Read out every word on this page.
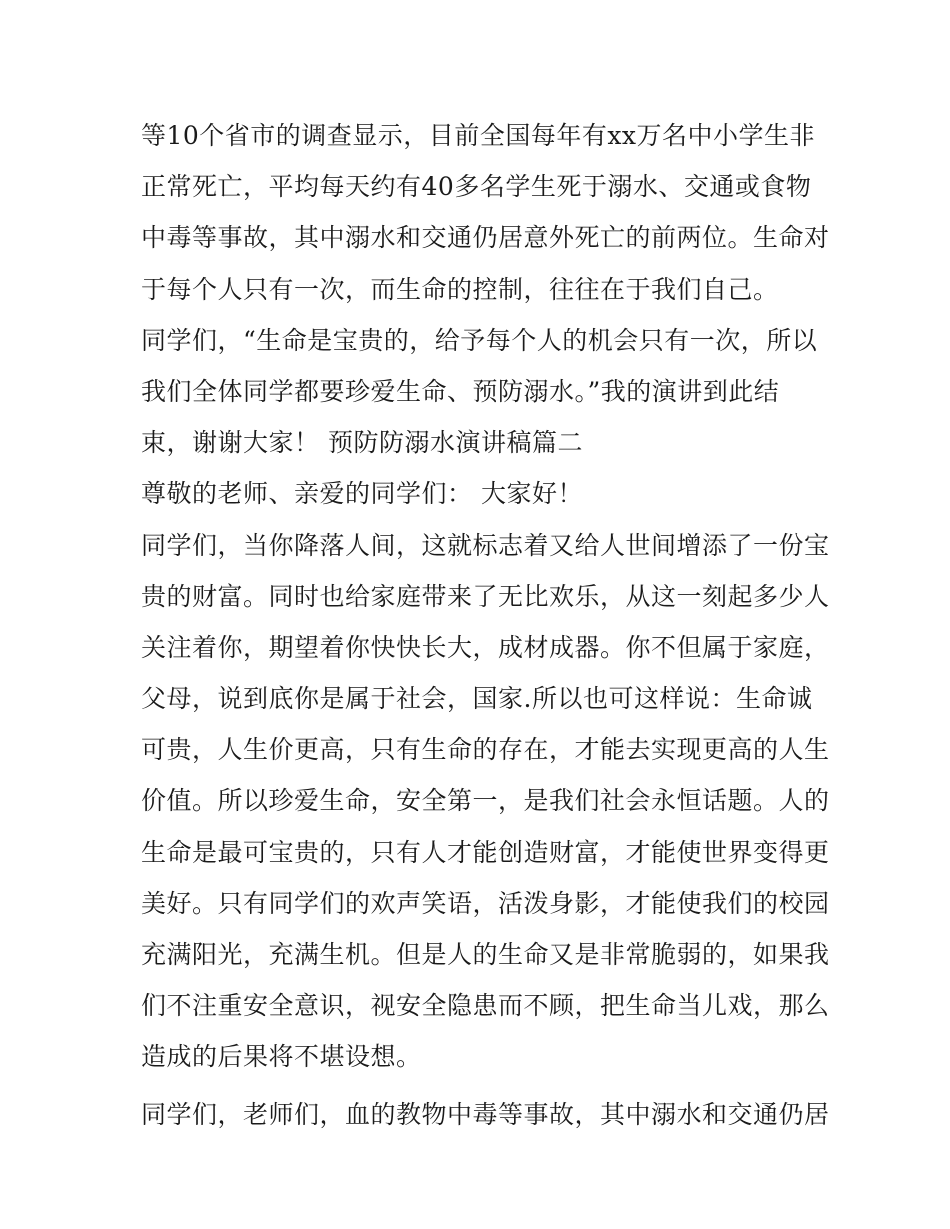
等10个省市的调查显示，目前全国每年有xx万名中小学生非
正常死亡，平均每天约有40多名学生死于溺水、交通或食物
中毒等事故，其中溺水和交通仍居意外死亡的前两位。生命对
于每个人只有一次，而生命的控制，往往在于我们自己。
同学们，“生命是宝贵的，给予每个人的机会只有一次，所以
我们全体同学都要珍爱生命、预防溺水。”我的演讲到此结
束，谢谢大家！ 预防防溺水演讲稿篇二
尊敬的老师、亲爱的同学们： 大家好！
同学们，当你降落人间，这就标志着又给人世间增添了一份宝
贵的财富。同时也给家庭带来了无比欢乐，从这一刻起多少人
关注着你，期望着你快快长大，成材成器。你不但属于家庭，
父母，说到底你是属于社会，国家.所以也可这样说：生命诚
可贵，人生价更高，只有生命的存在，才能去实现更高的人生
价值。所以珍爱生命，安全第一，是我们社会永恒话题。人的
生命是最可宝贵的，只有人才能创造财富，才能使世界变得更
美好。只有同学们的欢声笑语，活泼身影，才能使我们的校园
充满阳光，充满生机。但是人的生命又是非常脆弱的，如果我
们不注重安全意识，视安全隐患而不顾，把生命当儿戏，那么
造成的后果将不堪设想。
同学们，老师们，血的教物中毒等事故，其中溺水和交通仍居
